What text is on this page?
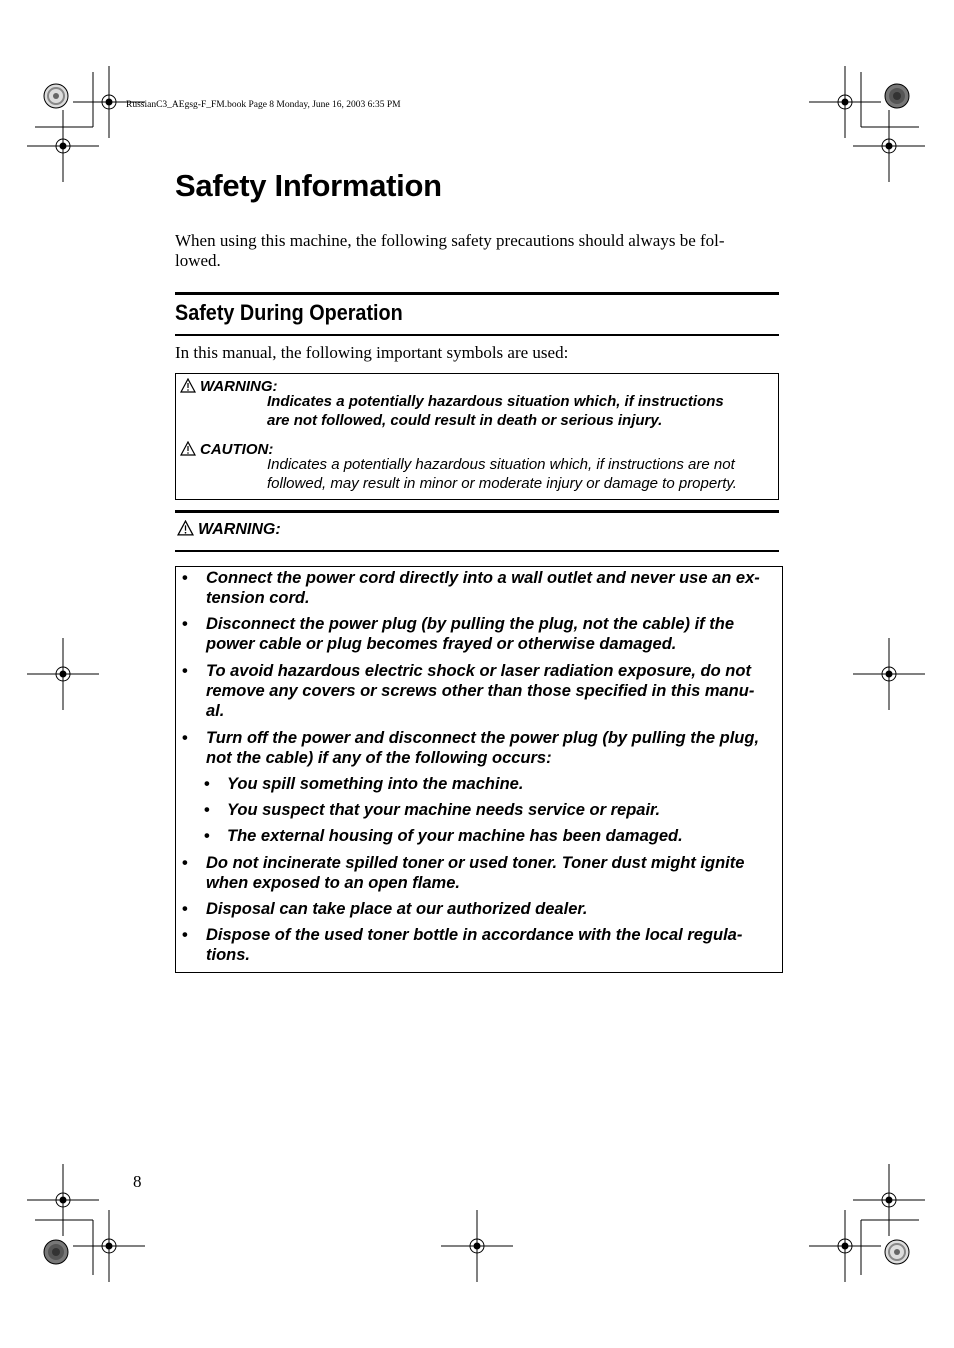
RussianC3_AEgsg-F_FM.book Page 8 Monday, June 16, 2003 6:35 PM
Safety Information
When using this machine, the following safety precautions should always be fol-
lowed.
Safety During Operation
In this manual, the following important symbols are used:
WARNING:
Indicates a potentially hazardous situation which, if instructions
are not followed, could result in death or serious injury.
CAUTION:
Indicates a potentially hazardous situation which, if instructions are not
followed, may result in minor or moderate injury or damage to property.
WARNING:
• Connect the power cord directly into a wall outlet and never use an ex-
tension cord.
• Disconnect the power plug (by pulling the plug, not the cable) if the
power cable or plug becomes frayed or otherwise damaged.
• To avoid hazardous electric shock or laser radiation exposure, do not
remove any covers or screws other than those specified in this manu-
al.
• Turn off the power and disconnect the power plug (by pulling the plug,
not the cable) if any of the following occurs:
• You spill something into the machine.
• You suspect that your machine needs service or repair.
• The external housing of your machine has been damaged.
• Do not incinerate spilled toner or used toner. Toner dust might ignite
when exposed to an open flame.
• Disposal can take place at our authorized dealer.
• Dispose of the used toner bottle in accordance with the local regula-
tions.
8
